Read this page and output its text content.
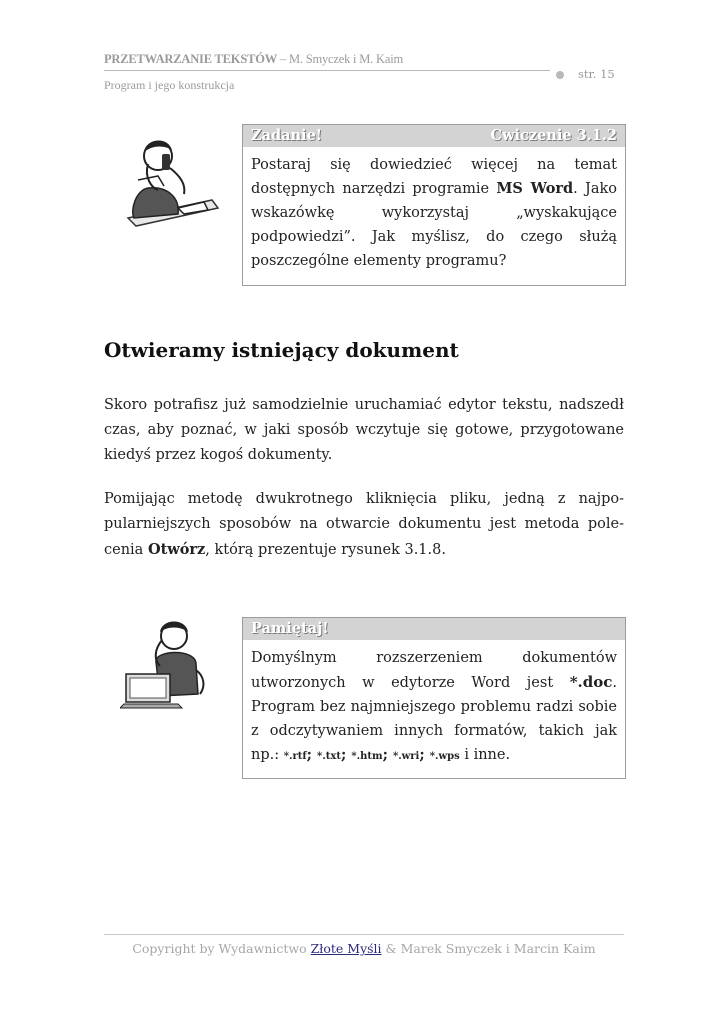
PRZETWARZANIE TEKSTÓW – M. Smyczek i M. Kaim
str. 15
Program i jego konstrukcja
Zadanie!	Cwiczenie 3.1.2
Postaraj się dowiedzieć więcej na temat dostępnych narzędzi programie MS Word. Jako wskazówkę wykorzystaj „wyskakujące podpowiedzi”. Jak myślisz, do czego służą poszczególne elementy programu?
Otwieramy istniejący dokument
Skoro potrafisz już samodzielnie uruchamiać edytor tekstu, nadszedł czas, aby poznać, w jaki sposób wczytuje się gotowe, przygotowane kiedyś przez kogoś dokumenty.
Pomijając metodę dwukrotnego kliknięcia pliku, jedną z najpo-pularniejszych sposobów na otwarcie dokumentu jest metoda pole-cenia Otwórz, którą prezentuje rysunek 3.1.8.
Pamiętaj!
Domyślnym rozszerzeniem dokumentów utworzonych w edytorze Word jest *.doc. Program bez najmniejszego problemu radzi sobie z odczytywaniem innych formatów, takich jak np.: *.rtf; *.txt; *.htm; *.wri; *.wps i inne.
Copyright by Wydawnictwo Złote Myśli & Marek Smyczek i Marcin Kaim
